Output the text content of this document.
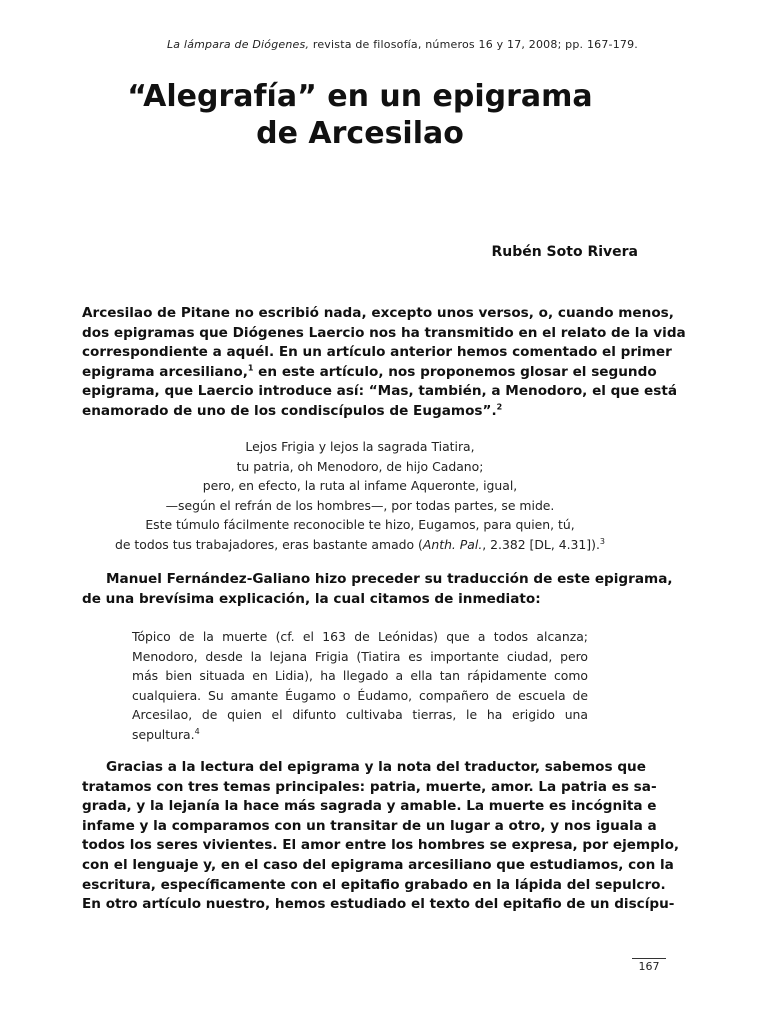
La lámpara de Diógenes, revista de filosofía, números 16 y 17, 2008; pp. 167-179.
“Alegrafía” en un epigrama
de Arcesilao
Rubén Soto Rivera
Arcesilao de Pitane no escribió nada, excepto unos versos, o, cuando menos,
dos epigramas que Diógenes Laercio nos ha transmitido en el relato de la vida
correspondiente a aquél. En un artículo anterior hemos comentado el primer
epigrama arcesiliano,$^1$ en este artículo, nos proponemos glosar el segundo
epigrama, que Laercio introduce así: “Mas, también, a Menodoro, el que está
enamorado de uno de los condiscípulos de Eugamos”.$^2$
Lejos Frigia y lejos la sagrada Tiatira,
tu patria, oh Menodoro, de hijo Cadano;
pero, en efecto, la ruta al infame Aqueronte, igual,
—según el refrán de los hombres—, por todas partes, se mide.
Este túmulo fácilmente reconocible te hizo, Eugamos, para quien, tú,
de todos tus trabajadores, eras bastante amado (Anth. Pal., 2.382 [DL, 4.31]).$^3$
Manuel Fernández-Galiano hizo preceder su traducción de este epigrama,
de una brevísima explicación, la cual citamos de inmediato:
Tópico de la muerte (cf. el 163 de Leónidas) que a todos alcanza;
Menodoro, desde la lejana Frigia (Tiatira es importante ciudad, pero
más bien situada en Lidia), ha llegado a ella tan rápidamente como
cualquiera. Su amante Éugamo o Éudamo, compañero de escuela de
Arcesilao, de quien el difunto cultivaba tierras, le ha erigido una
sepultura.$^4$
Gracias a la lectura del epigrama y la nota del traductor, sabemos que
tratamos con tres temas principales: patria, muerte, amor. La patria es sa-
grada, y la lejanía la hace más sagrada y amable. La muerte es incógnita e
infame y la comparamos con un transitar de un lugar a otro, y nos iguala a
todos los seres vivientes. El amor entre los hombres se expresa, por ejemplo,
con el lenguaje y, en el caso del epigrama arcesiliano que estudiamos, con la
escritura, específicamente con el epitafio grabado en la lápida del sepulcro.
En otro artículo nuestro, hemos estudiado el texto del epitafio de un discípu-
167
